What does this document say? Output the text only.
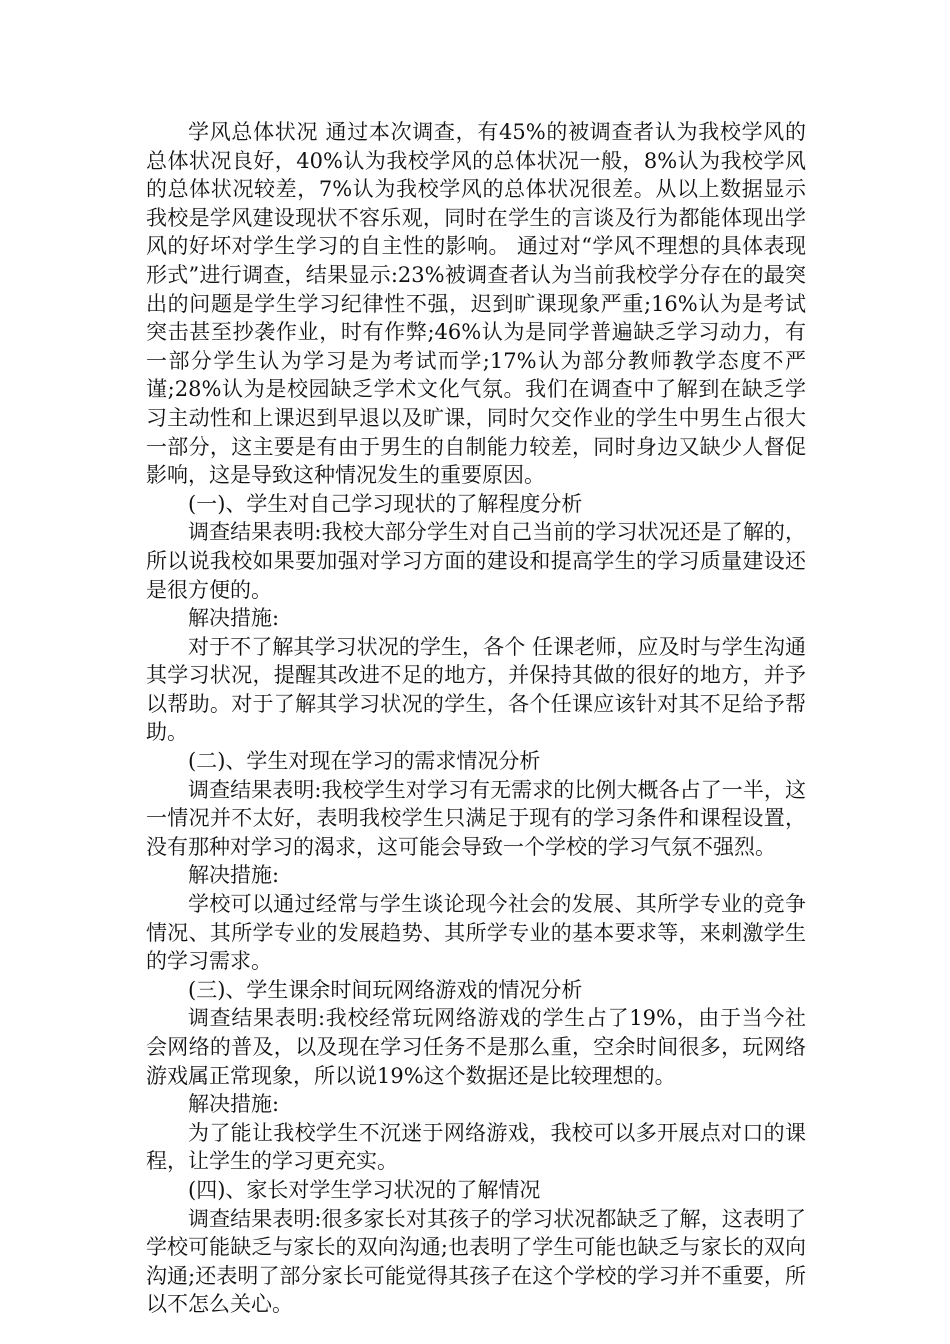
学风总体状况 通过本次调查，有45%的被调查者认为我校学风的总体状况良好，40%认为我校学风的总体状况一般，8%认为我校学风的总体状况较差，7%认为我校学风的总体状况很差。从以上数据显示我校是学风建设现状不容乐观，同时在学生的言谈及行为都能体现出学风的好坏对学生学习的自主性的影响。 通过对“学风不理想的具体表现形式”进行调查，结果显示:23%被调查者认为当前我校学分存在的最突出的问题是学生学习纪律性不强，迟到旷课现象严重;16%认为是考试突击甚至抄袭作业，时有作弊;46%认为是同学普遍缺乏学习动力，有一部分学生认为学习是为考试而学;17%认为部分教师教学态度不严谨;28%认为是校园缺乏学术文化气氛。我们在调查中了解到在缺乏学习主动性和上课迟到早退以及旷课，同时欠交作业的学生中男生占很大一部分，这主要是有由于男生的自制能力较差，同时身边又缺少人督促影响，这是导致这种情况发生的重要原因。

(一)、学生对自己学习现状的了解程度分析

调查结果表明:我校大部分学生对自己当前的学习状况还是了解的，所以说我校如果要加强对学习方面的建设和提高学生的学习质量建设还是很方便的。

解决措施:

对于不了解其学习状况的学生，各个 任课老师，应及时与学生沟通其学习状况，提醒其改进不足的地方，并保持其做的很好的地方，并予以帮助。对于了解其学习状况的学生，各个任课应该针对其不足给予帮助。

(二)、学生对现在学习的需求情况分析

调查结果表明:我校学生对学习有无需求的比例大概各占了一半，这一情况并不太好，表明我校学生只满足于现有的学习条件和课程设置，没有那种对学习的渴求，这可能会导致一个学校的学习气氛不强烈。

解决措施:

学校可以通过经常与学生谈论现今社会的发展、其所学专业的竞争情况、其所学专业的发展趋势、其所学专业的基本要求等，来刺激学生的学习需求。

(三)、学生课余时间玩网络游戏的情况分析

调查结果表明:我校经常玩网络游戏的学生占了19%，由于当今社会网络的普及，以及现在学习任务不是那么重，空余时间很多，玩网络游戏属正常现象，所以说19%这个数据还是比较理想的。

解决措施:

为了能让我校学生不沉迷于网络游戏，我校可以多开展点对口的课程，让学生的学习更充实。

(四)、家长对学生学习状况的了解情况

调查结果表明:很多家长对其孩子的学习状况都缺乏了解，这表明了学校可能缺乏与家长的双向沟通;也表明了学生可能也缺乏与家长的双向沟通;还表明了部分家长可能觉得其孩子在这个学校的学习并不重要，所以不怎么关心。
